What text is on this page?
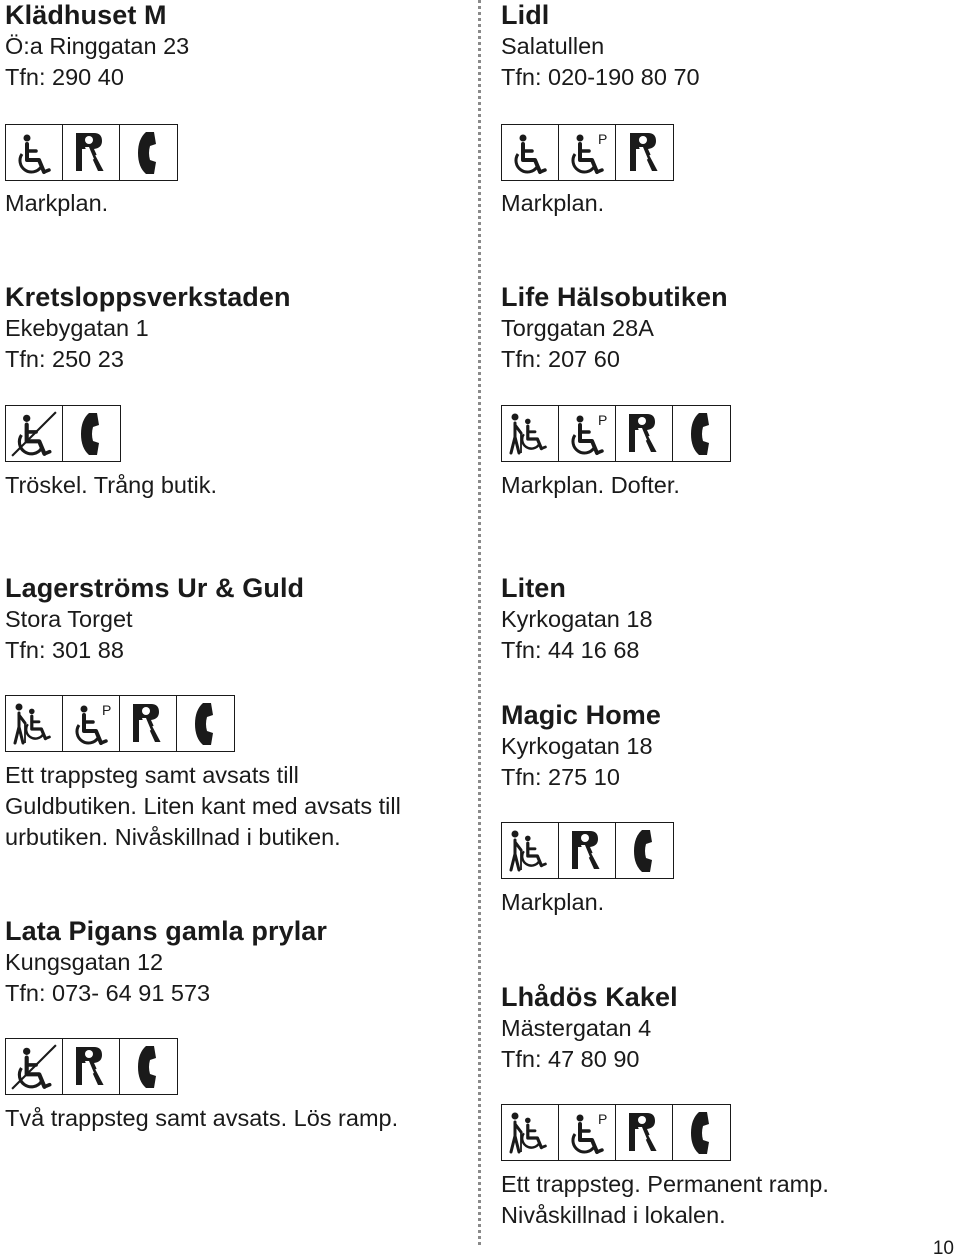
Klädhuset M
Ö:a Ringgatan 23
Tfn: 290 40
Markplan.
Kretsloppsverkstaden
Ekebygatan 1
Tfn: 250 23
Tröskel. Trång butik.
Lagerströms Ur & Guld
Stora Torget
Tfn: 301 88
P
Ett trappsteg samt avsats till
Guldbutiken. Liten kant med avsats till
urbutiken. Nivåskillnad i butiken.
Lata Pigans gamla prylar
Kungsgatan 12
Tfn: 073- 64 91 573
Två trappsteg samt avsats. Lös ramp.
Lidl
Salatullen
Tfn: 020-190 80 70
P
Markplan.
Life Hälsobutiken
Torggatan 28A
Tfn: 207 60
P
Markplan. Dofter.
Liten
Kyrkogatan 18
Tfn: 44 16 68
Magic Home
Kyrkogatan 18
Tfn: 275 10
Markplan.
Lhådös Kakel
Mästergatan 4
Tfn: 47 80 90
P
Ett trappsteg. Permanent ramp.
Nivåskillnad i lokalen.
10
